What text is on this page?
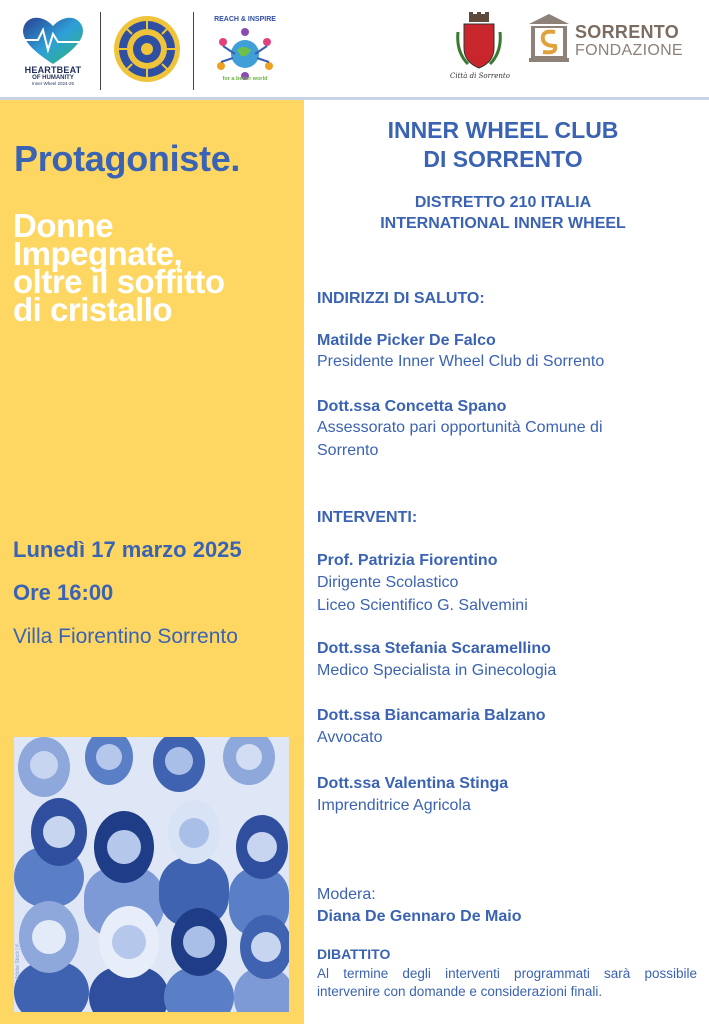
HEARTBEAT
OF HUMANITY
Inner Wheel 2024-25
REACH & INSPIRE
for a better world	Città di Sorrento
SORRENTO
FONDAZIONE
Protagoniste.
Donne
Impegnate,
oltre il soffitto
di cristallo
Lunedì 17 marzo 2025
Ore 16:00
Villa Fiorentino Sorrento
Adobe Stock | #...
INNER WHEEL CLUB
DI SORRENTO
DISTRETTO 210 ITALIA
INTERNATIONAL INNER WHEEL
INDIRIZZI DI SALUTO:
Matilde Picker De Falco
Presidente Inner Wheel Club di Sorrento
Dott.ssa Concetta Spano
Assessorato pari opportunità Comune di
Sorrento
INTERVENTI:
Prof. Patrizia Fiorentino
Dirigente Scolastico
Liceo Scientifico G. Salvemini
Dott.ssa Stefania Scaramellino
Medico Specialista in Ginecologia
Dott.ssa Biancamaria Balzano
Avvocato
Dott.ssa Valentina Stinga
Imprenditrice Agricola
Modera:
Diana De Gennaro De Maio
DIBATTITO
Al termine degli interventi programmati sarà possibile intervenire con domande e considerazioni finali.
